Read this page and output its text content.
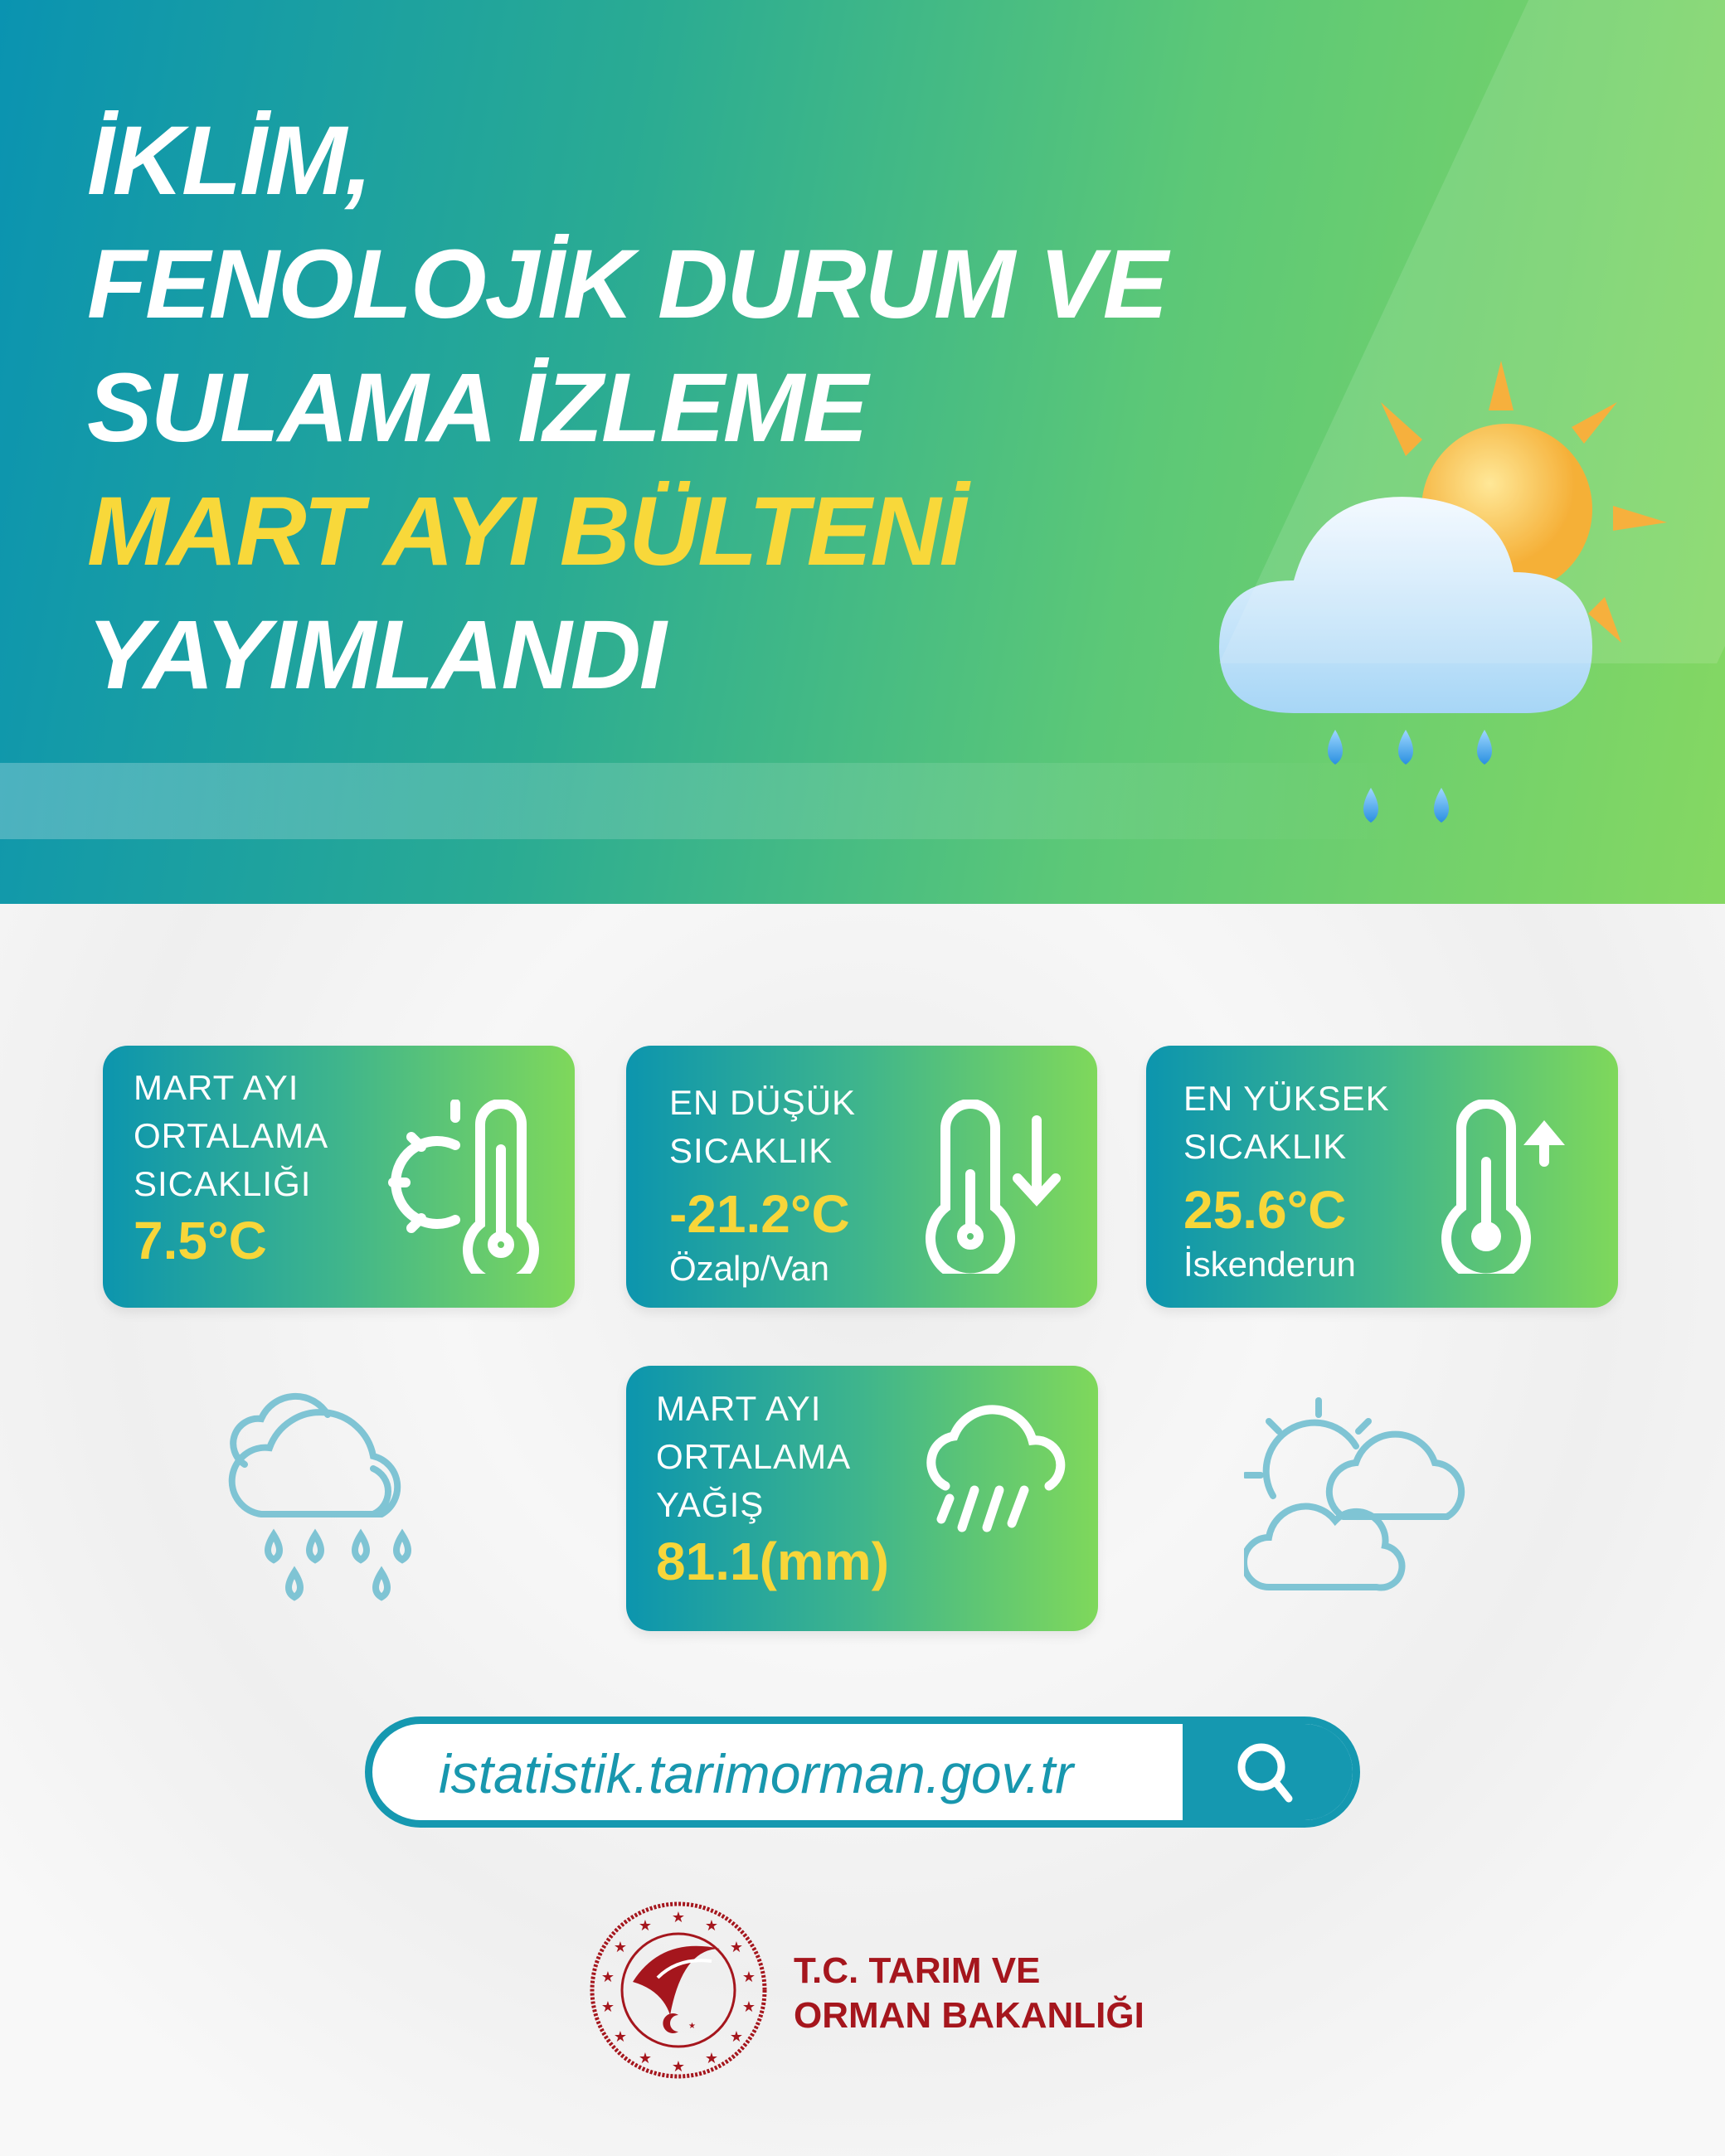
İKLİM,
FENOLOJİK DURUM VE
SULAMA İZLEME
MART AYI BÜLTENİ
YAYIMLANDI
MART AYI
ORTALAMA
SICAKLIĞI
7.5°C
EN DÜŞÜK
SICAKLIK
-21.2°C
Özalp/Van
EN YÜKSEK
SICAKLIK
25.6°C
İskenderun
MART AYI
ORTALAMA
YAĞIŞ
81.1(mm)
istatistik.tarimorman.gov.tr
★ ★
★
★
★
★
★
★
★
★
★
★
★
★
★
T.C. TARIM VE
ORMAN BAKANLIĞI
